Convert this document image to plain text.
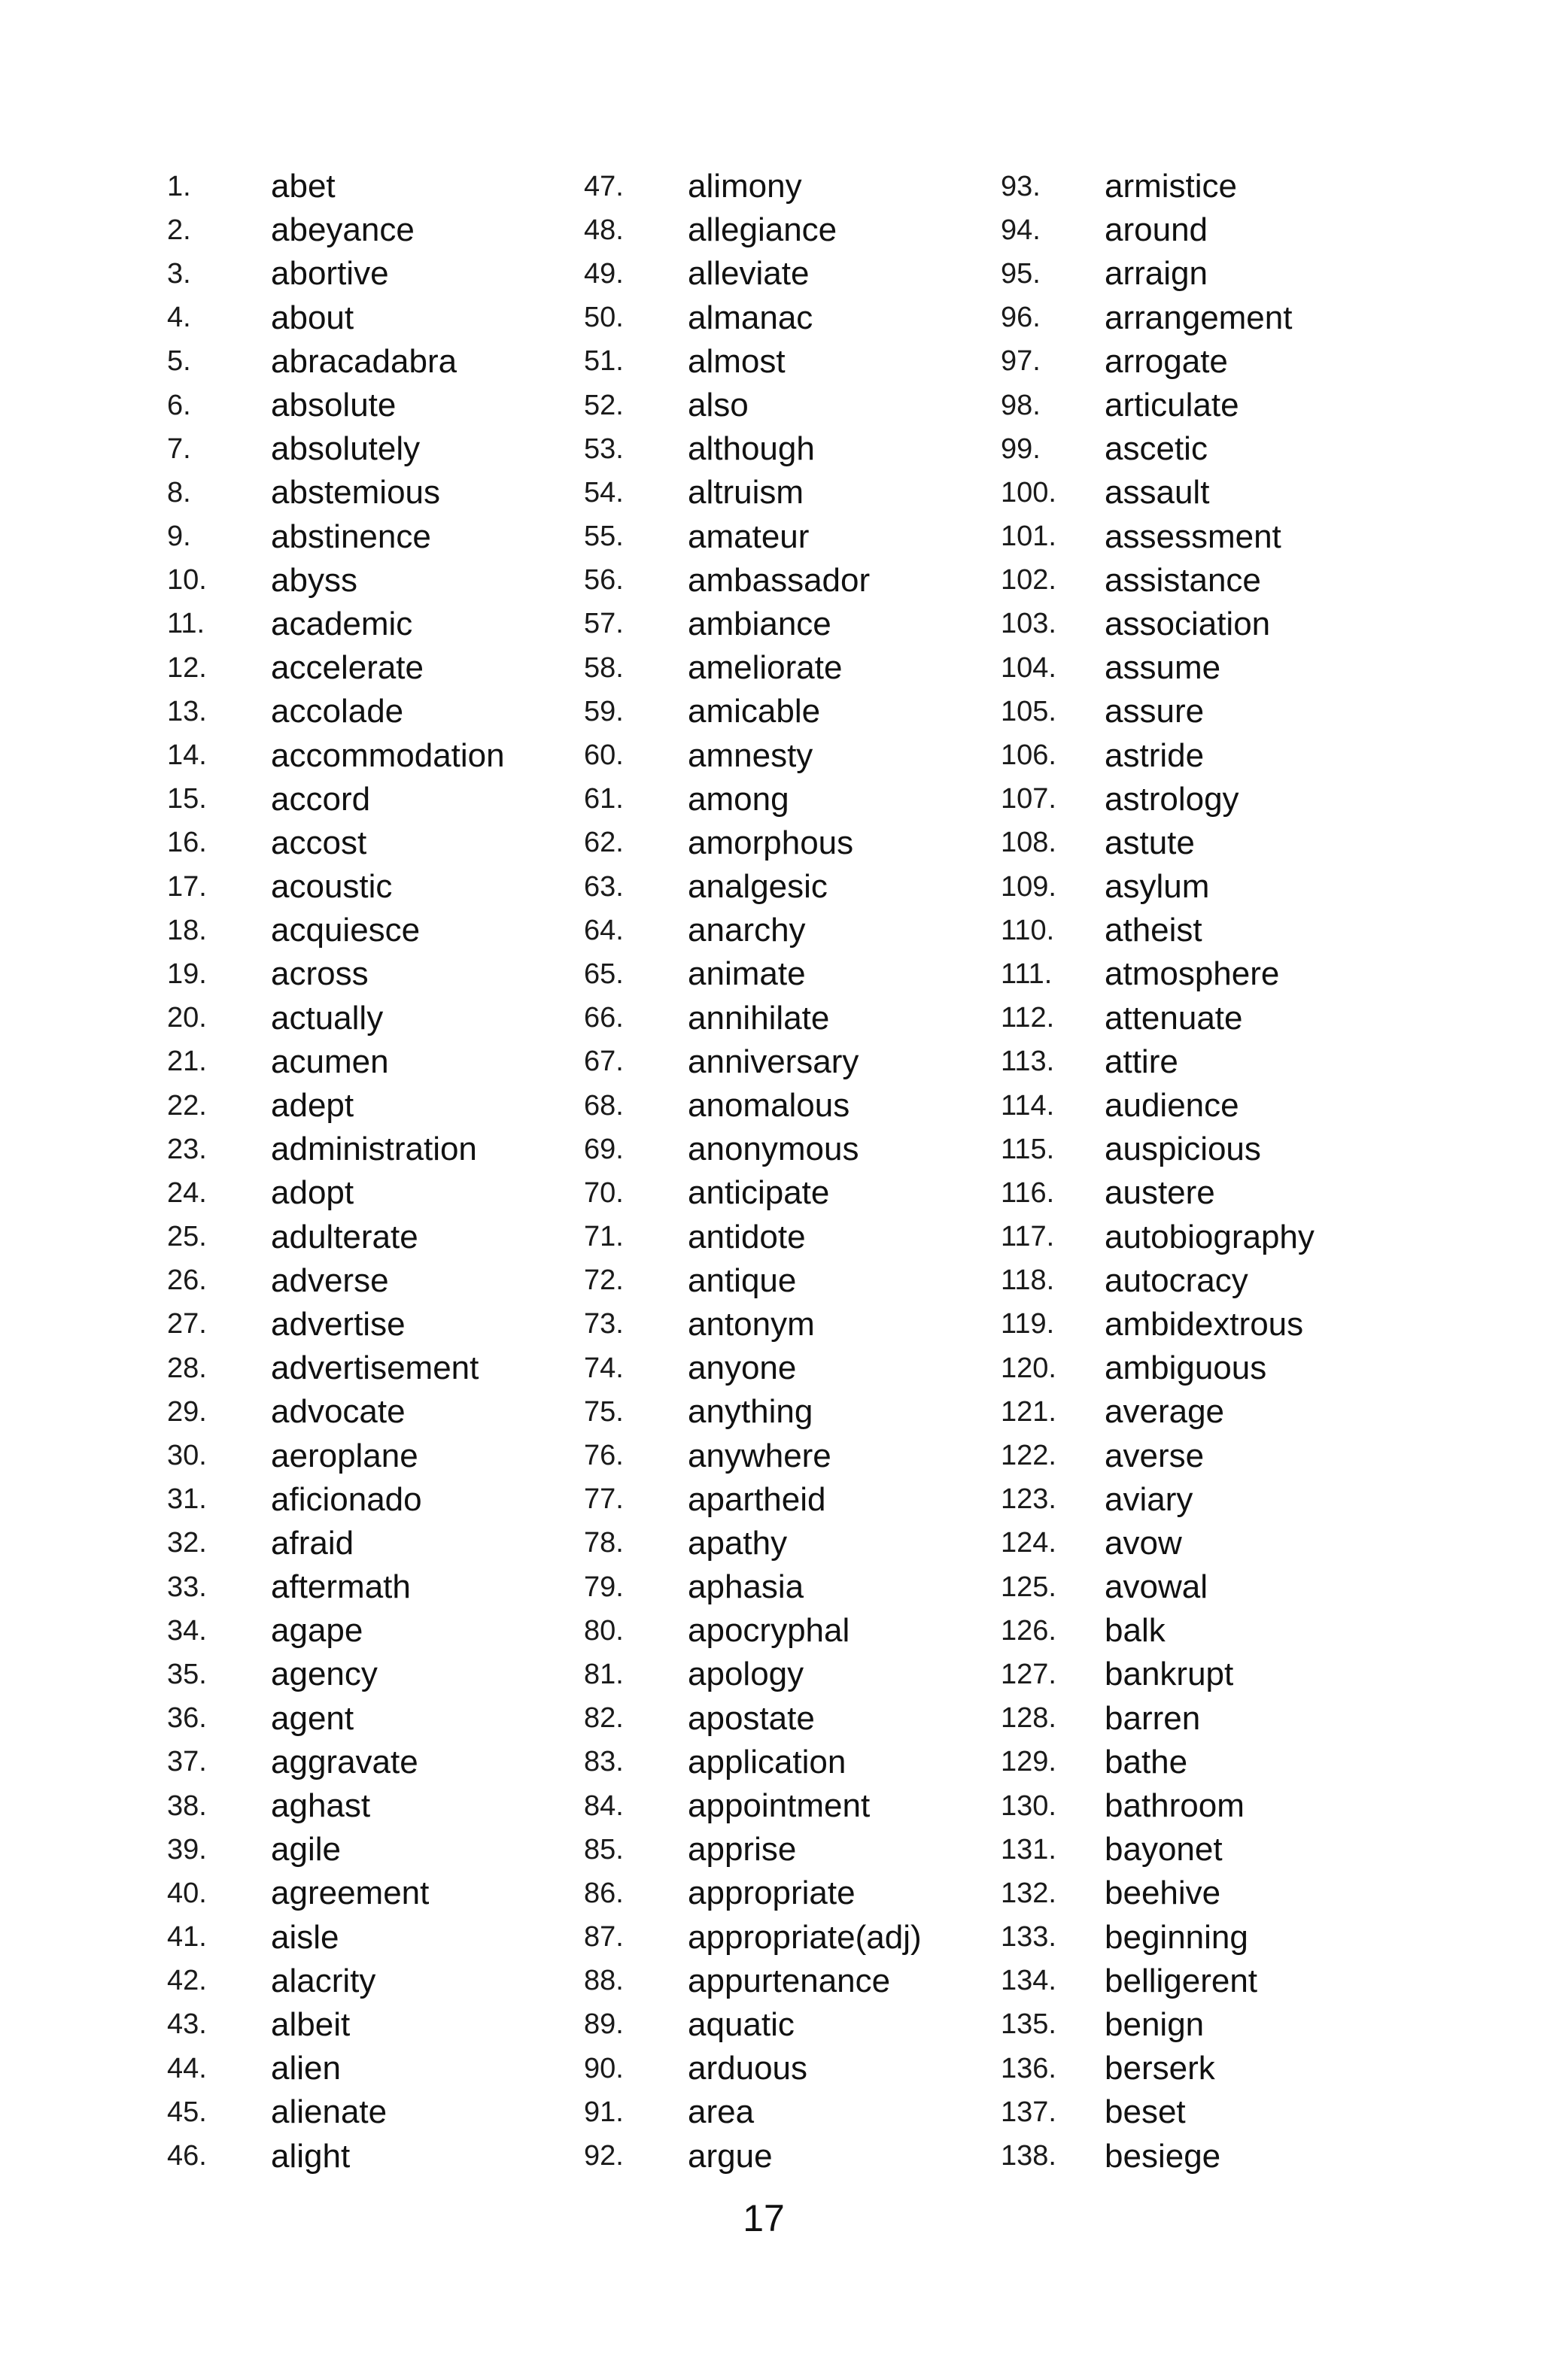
1.	abet
2.	abeyance
3.	abortive
4.	about
5.	abracadabra
6.	absolute
7.	absolutely
8.	abstemious
9.	abstinence
10.	abyss
11.	academic
12.	accelerate
13.	accolade
14.	accommodation
15.	accord
16.	accost
17.	acoustic
18.	acquiesce
19.	across
20.	actually
21.	acumen
22.	adept
23.	administration
24.	adopt
25.	adulterate
26.	adverse
27.	advertise
28.	advertisement
29.	advocate
30.	aeroplane
31.	aficionado
32.	afraid
33.	aftermath
34.	agape
35.	agency
36.	agent
37.	aggravate
38.	aghast
39.	agile
40.	agreement
41.	aisle
42.	alacrity
43.	albeit
44.	alien
45.	alienate
46.	alight
47.	alimony
48.	allegiance
49.	alleviate
50.	almanac
51.	almost
52.	also
53.	although
54.	altruism
55.	amateur
56.	ambassador
57.	ambiance
58.	ameliorate
59.	amicable
60.	amnesty
61.	among
62.	amorphous
63.	analgesic
64.	anarchy
65.	animate
66.	annihilate
67.	anniversary
68.	anomalous
69.	anonymous
70.	anticipate
71.	antidote
72.	antique
73.	antonym
74.	anyone
75.	anything
76.	anywhere
77.	apartheid
78.	apathy
79.	aphasia
80.	apocryphal
81.	apology
82.	apostate
83.	application
84.	appointment
85.	apprise
86.	appropriate
87.	appropriate(adj)
88.	appurtenance
89.	aquatic
90.	arduous
91.	area
92.	argue
93.	armistice
94.	around
95.	arraign
96.	arrangement
97.	arrogate
98.	articulate
99.	ascetic
100.	assault
101.	assessment
102.	assistance
103.	association
104.	assume
105.	assure
106.	astride
107.	astrology
108.	astute
109.	asylum
110.	atheist
111.	atmosphere
112.	attenuate
113.	attire
114.	audience
115.	auspicious
116.	austere
117.	autobiography
118.	autocracy
119.	ambidextrous
120.	ambiguous
121.	average
122.	averse
123.	aviary
124.	avow
125.	avowal
126.	balk
127.	bankrupt
128.	barren
129.	bathe
130.	bathroom
131.	bayonet
132.	beehive
133.	beginning
134.	belligerent
135.	benign
136.	berserk
137.	beset
138.	besiege
17
